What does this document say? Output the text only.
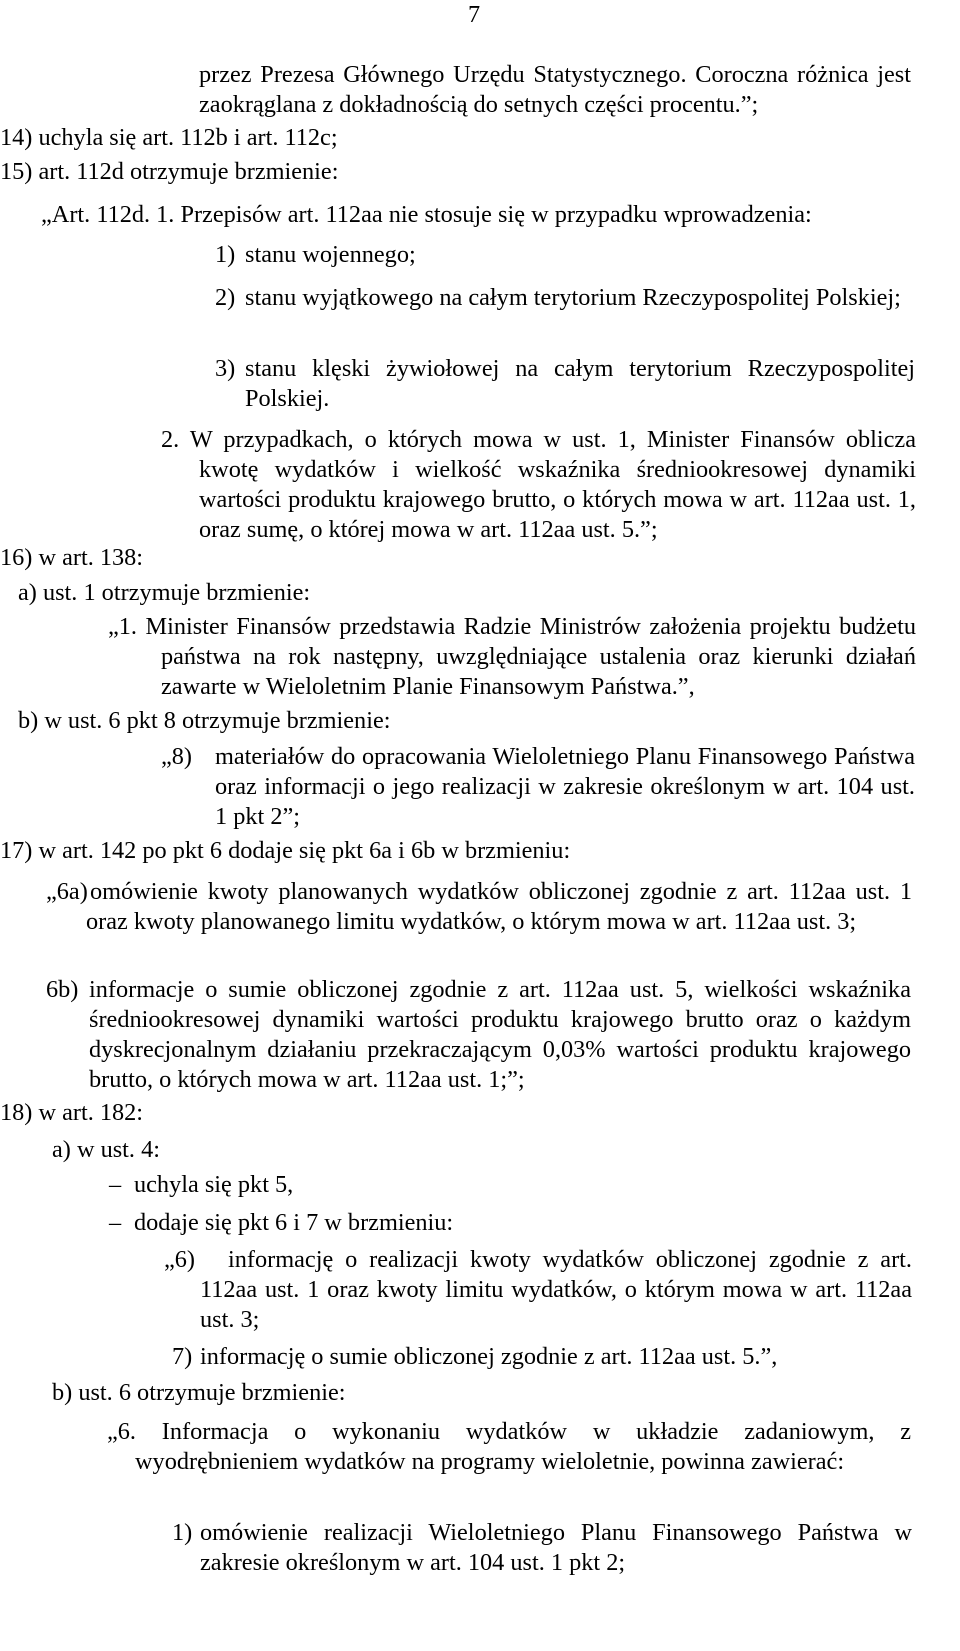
7
przez Prezesa Głównego Urzędu Statystycznego. Coroczna różnica jest zaokrąglana z dokładnością do setnych części procentu.”;
14) uchyla się art. 112b i art. 112c;
15) art. 112d otrzymuje brzmienie:
„Art. 112d. 1. Przepisów art. 112aa nie stosuje się w przypadku wprowadzenia:
1) stanu wojennego;
2) stanu wyjątkowego na całym terytorium Rzeczypospolitej Polskiej;
3) stanu klęski żywiołowej na całym terytorium Rzeczypospolitej Polskiej.
2. W przypadkach, o których mowa w ust. 1, Minister Finansów oblicza kwotę wydatków i wielkość wskaźnika średniookresowej dynamiki wartości produktu krajowego brutto, o których mowa w art. 112aa ust. 1, oraz sumę, o której mowa w art. 112aa ust. 5.”;
16) w art. 138:
a) ust. 1 otrzymuje brzmienie:
„1. Minister Finansów przedstawia Radzie Ministrów założenia projektu budżetu państwa na rok następny, uwzględniające ustalenia oraz kierunki działań zawarte w Wieloletnim Planie Finansowym Państwa.”,
b) w ust. 6 pkt 8 otrzymuje brzmienie:
„8) materiałów do opracowania Wieloletniego Planu Finansowego Państwa oraz informacji o jego realizacji w zakresie określonym w art. 104 ust. 1 pkt 2”;
17) w art. 142 po pkt 6 dodaje się pkt 6a i 6b w brzmieniu:
„6a) omówienie kwoty planowanych wydatków obliczonej zgodnie z art. 112aa ust. 1 oraz kwoty planowanego limitu wydatków, o którym mowa w art. 112aa ust. 3;
6b) informacje o sumie obliczonej zgodnie z art. 112aa ust. 5, wielkości wskaźnika średniookresowej dynamiki wartości produktu krajowego brutto oraz o każdym dyskrecjonalnym działaniu przekraczającym 0,03% wartości produktu krajowego brutto, o których mowa w art. 112aa ust. 1;”;
18) w art. 182:
a) w ust. 4:
– uchyla się pkt 5,
– dodaje się pkt 6 i 7 w brzmieniu:
„6)	informację o realizacji kwoty wydatków obliczonej zgodnie z art. 112aa ust. 1 oraz kwoty limitu wydatków, o którym mowa w art. 112aa ust. 3;
7) informację o sumie obliczonej zgodnie z art. 112aa ust. 5.”,
b) ust. 6 otrzymuje brzmienie:
„6. Informacja o wykonaniu wydatków w układzie zadaniowym, z wyodrębnieniem wydatków na programy wieloletnie, powinna zawierać:
1) omówienie realizacji Wieloletniego Planu Finansowego Państwa w zakresie określonym w art. 104 ust. 1 pkt 2;
